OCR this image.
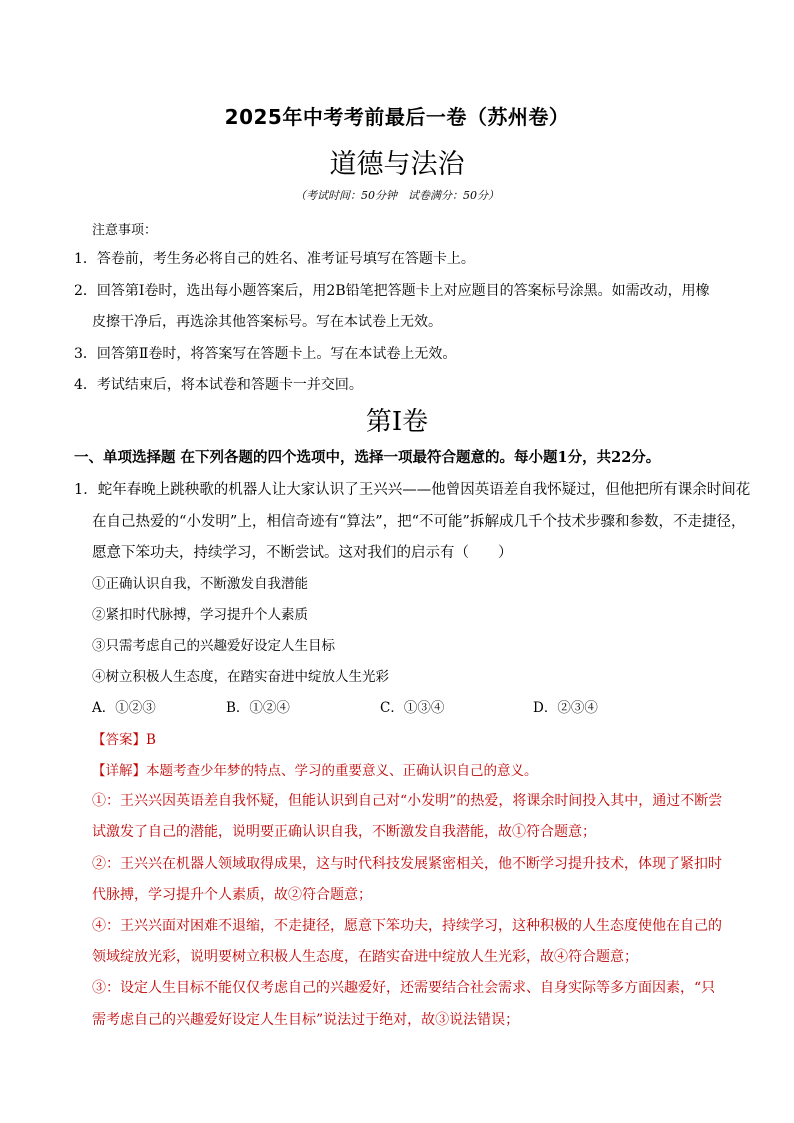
2025年中考考前最后一卷（苏州卷）
道德与法治
（考试时间：50分钟　试卷满分：50分）
注意事项：
1．答卷前，考生务必将自己的姓名、准考证号填写在答题卡上。
2．回答第Ⅰ卷时，选出每小题答案后，用2B铅笔把答题卡上对应题目的答案标号涂黑。如需改动，用橡
皮擦干净后，再选涂其他答案标号。写在本试卷上无效。
3．回答第Ⅱ卷时，将答案写在答题卡上。写在本试卷上无效。
4．考试结束后，将本试卷和答题卡一并交回。
第Ⅰ卷
一、单项选择题 在下列各题的四个选项中，选择一项最符合题意的。每小题1分，共22分。
1．蛇年春晚上跳秧歌的机器人让大家认识了王兴兴——他曾因英语差自我怀疑过，但他把所有课余时间花
在自己热爱的“小发明”上，相信奇迹有“算法”，把“不可能”拆解成几千个技术步骤和参数，不走捷径，
愿意下笨功夫，持续学习，不断尝试。这对我们的启示有（　　）
①正确认识自我，不断激发自我潜能
②紧扣时代脉搏，学习提升个人素质
③只需考虑自己的兴趣爱好设定人生目标
④树立积极人生态度，在踏实奋进中绽放人生光彩
A．①②③	B．①②④	C．①③④	D．②③④
【答案】B
【详解】本题考查少年梦的特点、学习的重要意义、正确认识自己的意义。
①：王兴兴因英语差自我怀疑，但能认识到自己对“小发明”的热爱，将课余时间投入其中，通过不断尝
试激发了自己的潜能，说明要正确认识自我，不断激发自我潜能，故①符合题意；
②：王兴兴在机器人领域取得成果，这与时代科技发展紧密相关，他不断学习提升技术，体现了紧扣时
代脉搏，学习提升个人素质，故②符合题意；
④：王兴兴面对困难不退缩，不走捷径，愿意下笨功夫，持续学习，这种积极的人生态度使他在自己的
领域绽放光彩，说明要树立积极人生态度，在踏实奋进中绽放人生光彩，故④符合题意；
③：设定人生目标不能仅仅考虑自己的兴趣爱好，还需要结合社会需求、自身实际等多方面因素，“只
需考虑自己的兴趣爱好设定人生目标”说法过于绝对，故③说法错误；
